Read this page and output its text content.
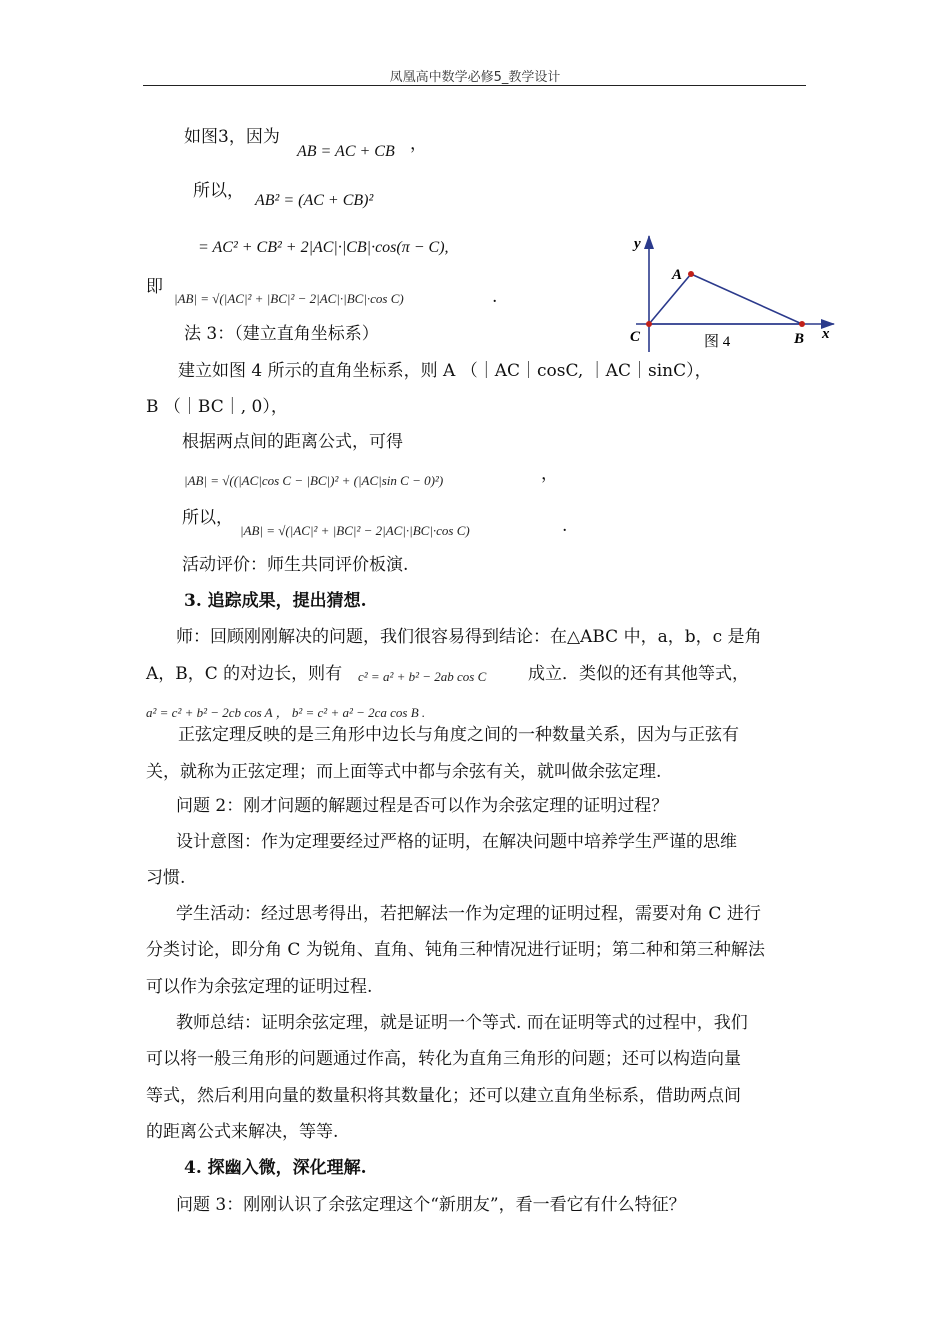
凤凰高中数学必修5_教学设计
如图3，因为
AB = AC + CB ，
所以， AB² = (AC + CB)²
= AC² + CB² + 2|AC|·|CB|·cos(π − C),
即
|AB| = √(|AC|² + |BC|² − 2|AC|·|BC|·cos C)	.
y
A
C	B x
图 4
法 3：（建立直角坐标系）
建立如图 4 所示的直角坐标系，则 A （｜AC｜cosC, ｜AC｜sinC），
B （｜BC｜, 0），
根据两点间的距离公式，可得
|AB| = √((|AC|cos C − |BC|)² + (|AC|sin C − 0)²)	，
所以，
|AB| = √(|AC|² + |BC|² − 2|AC|·|BC|·cos C)	.
活动评价：师生共同评价板演.
3. 追踪成果，提出猜想.
师：回顾刚刚解决的问题，我们很容易得到结论：在△ABC 中，a，b，c 是角
A，B，C 的对边长，则有 c² = a² + b² − 2ab cos C 成立．类似的还有其他等式，
a² = c² + b² − 2cb cos A ， b² = c² + a² − 2ca cos B .
正弦定理反映的是三角形中边长与角度之间的一种数量关系，因为与正弦有
关，就称为正弦定理；而上面等式中都与余弦有关，就叫做余弦定理.
问题 2：刚才问题的解题过程是否可以作为余弦定理的证明过程？
设计意图：作为定理要经过严格的证明，在解决问题中培养学生严谨的思维
习惯.
学生活动：经过思考得出，若把解法一作为定理的证明过程，需要对角 C 进行
分类讨论，即分角 C 为锐角、直角、钝角三种情况进行证明；第二种和第三种解法
可以作为余弦定理的证明过程.
教师总结：证明余弦定理，就是证明一个等式. 而在证明等式的过程中，我们
可以将一般三角形的问题通过作高，转化为直角三角形的问题；还可以构造向量
等式，然后利用向量的数量积将其数量化；还可以建立直角坐标系，借助两点间
的距离公式来解决，等等.
4. 探幽入微，深化理解.
问题 3：刚刚认识了余弦定理这个“新朋友”，看一看它有什么特征？
